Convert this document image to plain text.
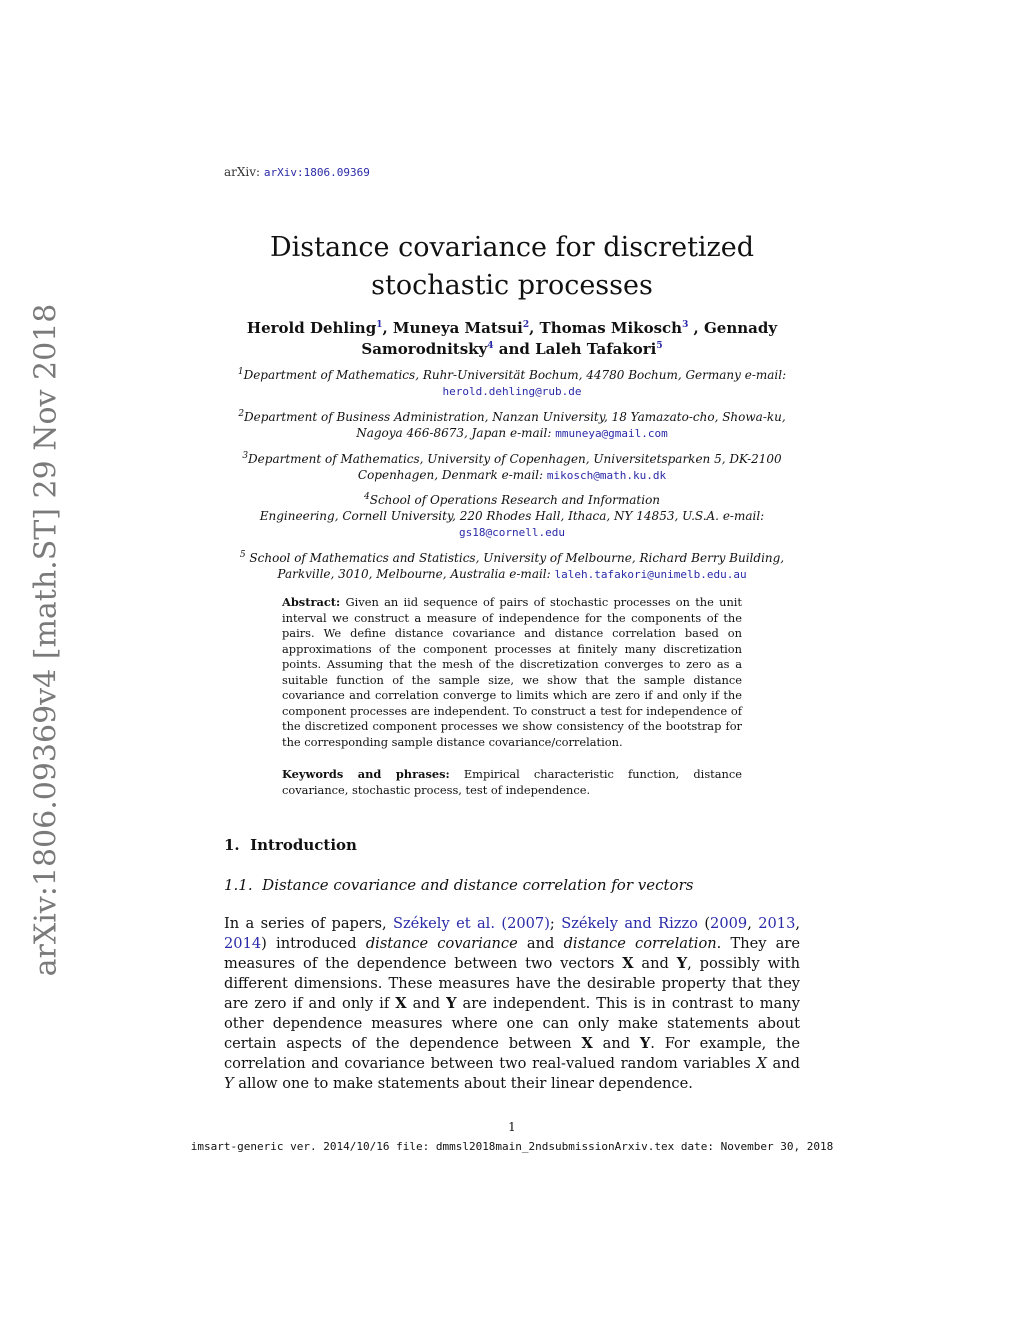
arXiv:1806.09369v4 [math.ST] 29 Nov 2018
arXiv: arXiv:1806.09369
Distance covariance for discretized
stochastic processes
Herold Dehling$^1$, Muneya Matsui$^2$, Thomas Mikosch$^3$ , Gennady Samorodnitsky$^4$ and Laleh Tafakori$^5$
$^1$Department of Mathematics, Ruhr-Universität Bochum, 44780 Bochum, Germany e-mail:
herold.dehling@rub.de
$^2$Department of Business Administration, Nanzan University, 18 Yamazato-cho, Showa-ku, Nagoya 466-8673, Japan e-mail: mmuneya@gmail.com
$^3$Department of Mathematics, University of Copenhagen, Universitetsparken 5, DK-2100 Copenhagen, Denmark e-mail: mikosch@math.ku.dk
$^4$School of Operations Research and Information
Engineering, Cornell University, 220 Rhodes Hall, Ithaca, NY 14853, U.S.A. e-mail:
gs18@cornell.edu
$^5$ School of Mathematics and Statistics, University of Melbourne, Richard Berry Building, Parkville, 3010, Melbourne, Australia e-mail: laleh.tafakori@unimelb.edu.au
Abstract: Given an iid sequence of pairs of stochastic processes on the unit interval we construct a measure of independence for the components of the pairs. We define distance covariance and distance correlation based on approximations of the component processes at finitely many discretization points. Assuming that the mesh of the discretization converges to zero as a suitable function of the sample size, we show that the sample distance covariance and correlation converge to limits which are zero if and only if the component processes are independent. To construct a test for independence of the discretized component processes we show consistency of the bootstrap for the corresponding sample distance covariance/correlation.
Keywords and phrases: Empirical characteristic function, distance covariance, stochastic process, test of independence.
1. Introduction
1.1. Distance covariance and distance correlation for vectors
In a series of papers, Székely et al. (2007); Székely and Rizzo (2009, 2013, 2014) introduced distance covariance and distance correlation. They are measures of the dependence between two vectors X and Y, possibly with different dimensions. These measures have the desirable property that they are zero if and only if X and Y are independent. This is in contrast to many other dependence measures where one can only make statements about certain aspects of the dependence between X and Y. For example, the correlation and covariance between two real-valued random variables X and Y allow one to make statements about their linear dependence.
1
imsart-generic ver. 2014/10/16 file: dmmsl2018main_2ndsubmissionArxiv.tex date: November 30, 2018
